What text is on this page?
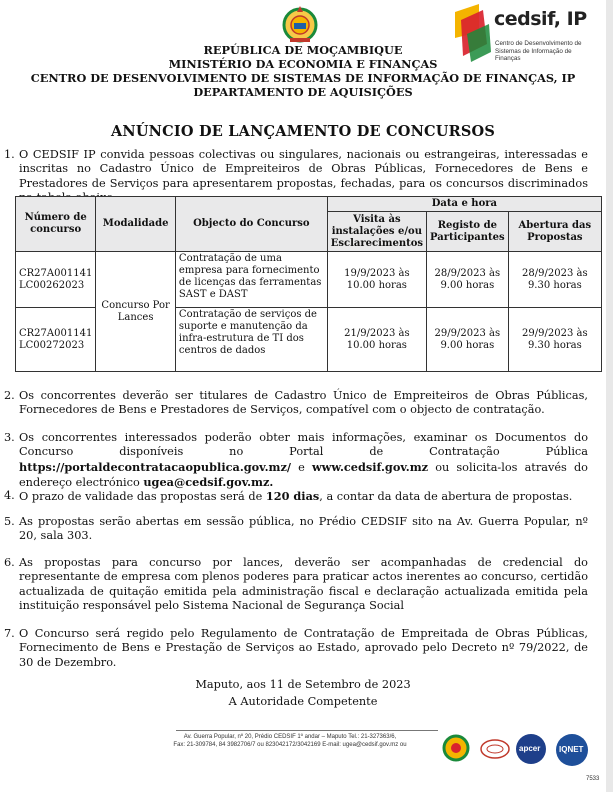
cedsif, IP
Centro de Desenvolvimento de Sistemas de Informação de Finanças
REPÚBLICA DE MOÇAMBIQUE
MINISTÉRIO DA ECONOMIA E FINANÇAS
CENTRO DE DESENVOLVIMENTO DE SISTEMAS DE INFORMAÇÃO DE FINANÇAS, IP
DEPARTAMENTO DE AQUISIÇÕES
ANÚNCIO DE LANÇAMENTO DE CONCURSOS
1. O CEDSIF IP convida pessoas colectivas ou singulares, nacionais ou estrangeiras, interessadas e inscritas no Cadastro Único de Empreiteiros de Obras Públicas, Fornecedores de Bens e Prestadores de Serviços para apresentarem propostas, fechadas, para os concursos discriminados
Número de concurso	Modalidade	Objecto do Concurso	Data e hora		
			Visita às instalações e/ou Esclarecimentos	Registo de Participantes	Abertura das Propostas
CR27A001141 LC00262023	Concurso Por Lances	Contratação de uma empresa para fornecimento de licenças das ferramentas SAST e DAST	19/9/2023 às 10.00 horas	28/9/2023 às 9.00 horas	28/9/2023 às 9.30 horas
CR27A001141 LC00272023		Contratação de serviços de suporte e manutenção da infra-estrutura de TI dos centros de dados	21/9/2023 às 10.00 horas	29/9/2023 às 9.00 horas	29/9/2023 às 9.30 horas
2. Os concorrentes deverão ser titulares de Cadastro Único de Empreiteiros de Obras Públicas, Fornecedores de Bens e Prestadores de Serviços, compatível com o objecto de contratação.
3. Os concorrentes interessados poderão obter mais informações, examinar os Documentos do Concurso disponíveis no Portal de Contratação Pública https://portaldecontratacaopublica.gov.mz/ e www.cedsif.gov.mz ou solicita-los através do endereço electrónico ugea@cedsif.gov.mz.
4. O prazo de validade das propostas será de 120 dias, a contar da data de abertura de propostas.
5. As propostas serão abertas em sessão pública, no Prédio CEDSIF sito na Av. Guerra Popular, nº 20, sala 303.
6. As propostas para concurso por lances, deverão ser acompanhadas de credencial do representante de empresa com plenos poderes para praticar actos inerentes ao concurso, certidão actualizada de quitação emitida pela administração fiscal e declaração actualizada emitida pela instituição responsável pelo Sistema Nacional de Segurança Social
7. O Concurso será regido pelo Regulamento de Contratação de Empreitada de Obras Públicas, Fornecimento de Bens e Prestação de Serviços ao Estado, aprovado pelo Decreto nº 79/2022, de 30 de Dezembro.
Maputo, aos 11 de Setembro de 2023
A Autoridade Competente
Av. Guerra Popular, nº 20, Prédio CEDSIF 1º andar – Maputo Tel.: 21-327363/6,
Fax: 21-309784, 84 3982706/7 ou 823042172/3042169 E-mail: ugea@cedsif.gov.mz ou	apcer IQNET
7533
